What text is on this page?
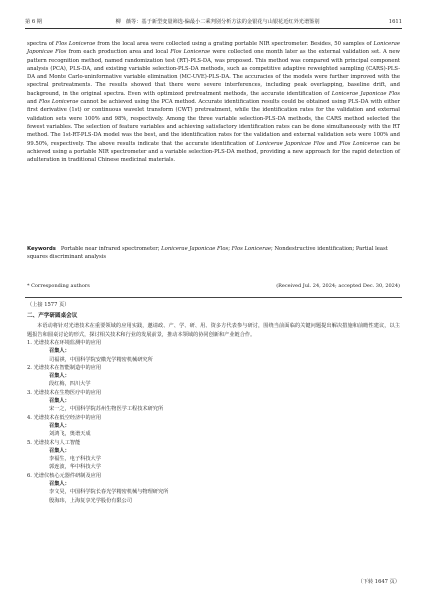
第 6 期	柳　薇等：基于新型变量筛选-偏最小二乘判别分析方法的金银花与山银花近红外光谱鉴别	1611

spectra of Flos Lonicerae from the local area were collected using a grating portable NIR spectrometer. Besides, 50 samples of Lonicerae Japonicae Flos from each production area and local Flos Lonicerae were collected one month later as the external validation set. A new pattern recognition method, named randomization test (RT)-PLS-DA, was proposed. This method was compared with principal component analysis (PCA), PLS-DA, and existing variable selection-PLS-DA methods, such as competitive adaptive reweighted sampling (CARS)-PLS-DA and Monte Carlo-uninformative variable elimination (MC-UVE)-PLS-DA. The accuracies of the models were further improved with the spectral pretreatments. The results showed that there were severe interferences, including peak overlapping, baseline drift, and background, in the original spectra. Even with optimized pretreatment methods, the accurate identification of Lonicerae Japonicae Flos and Flos Lonicerae cannot be achieved using the PCA method. Accurate identification results could be obtained using PLS-DA with either first derivative (1st) or continuous wavelet transform (CWT) pretreatment, while the identification rates for the validation and external validation sets were 100% and 98%, respectively. Among the three variable selection-PLS-DA methods, the CARS method selected the fewest variables. The selection of feature variables and achieving satisfactory identification rates can be done simultaneously with the RT method. The 1st-RT-PLS-DA model was the best, and the identification rates for the validation and external validation sets were 100% and 99.50%, respectively. The above results indicate that the accurate identification of Lonicerae Japonicae Flos and Flos Lonicerae can be achieved using a portable NIR spectrometer and a variable selection-PLS-DA method, providing a new approach for the rapid detection of adulteration in traditional Chinese medicinal materials.

Keywords Portable near infrared spectrometer; Lonicerae Japonicae Flos; Flos Lonicerae; Nondestructive identification; Partial least squares discriminant analysis

* Corresponding authors	(Received Jul. 24, 2024; accepted Dec. 30, 2024)
（上接 1577 页）
二、产学研圆桌会议

本语动将针对光谱技术在重要领域的应用实践，邀请政、产、学、研、用、资多方代表参与研讨，围绕当前面临的关键问题提出解决措施和前瞻性建议，以主题报告和圆桌讨论的形式，探讨相关技术和行业的发展前景，推动本领域的协同创新和产业链合作。

1. 光谱技术在环境监测中的应用
召集人：
司福祺，中国科学院安徽光学精密机械研究所
2. 光谱技术在智能制造中的应用
召集人：
段红梅，四川大学
3. 光谱技术在生物医疗中的应用
召集人：
宋一之，中国科学院苏州生物医学工程技术研究所
4. 光谱技术在低空经济中的应用
召集人：
刘鸿飞，奥谱天成
5. 光谱技术与人工智能
召集人：
李福生，电子科技大学
郭连波，华中科技大学
6. 光谱仪核心元器件研制及应用
召集人：
李文昊，中国科学院长春光学精密机械与物理研究所
殷海玮，上海复享光学股份有限公司
（下转 1647 页）
